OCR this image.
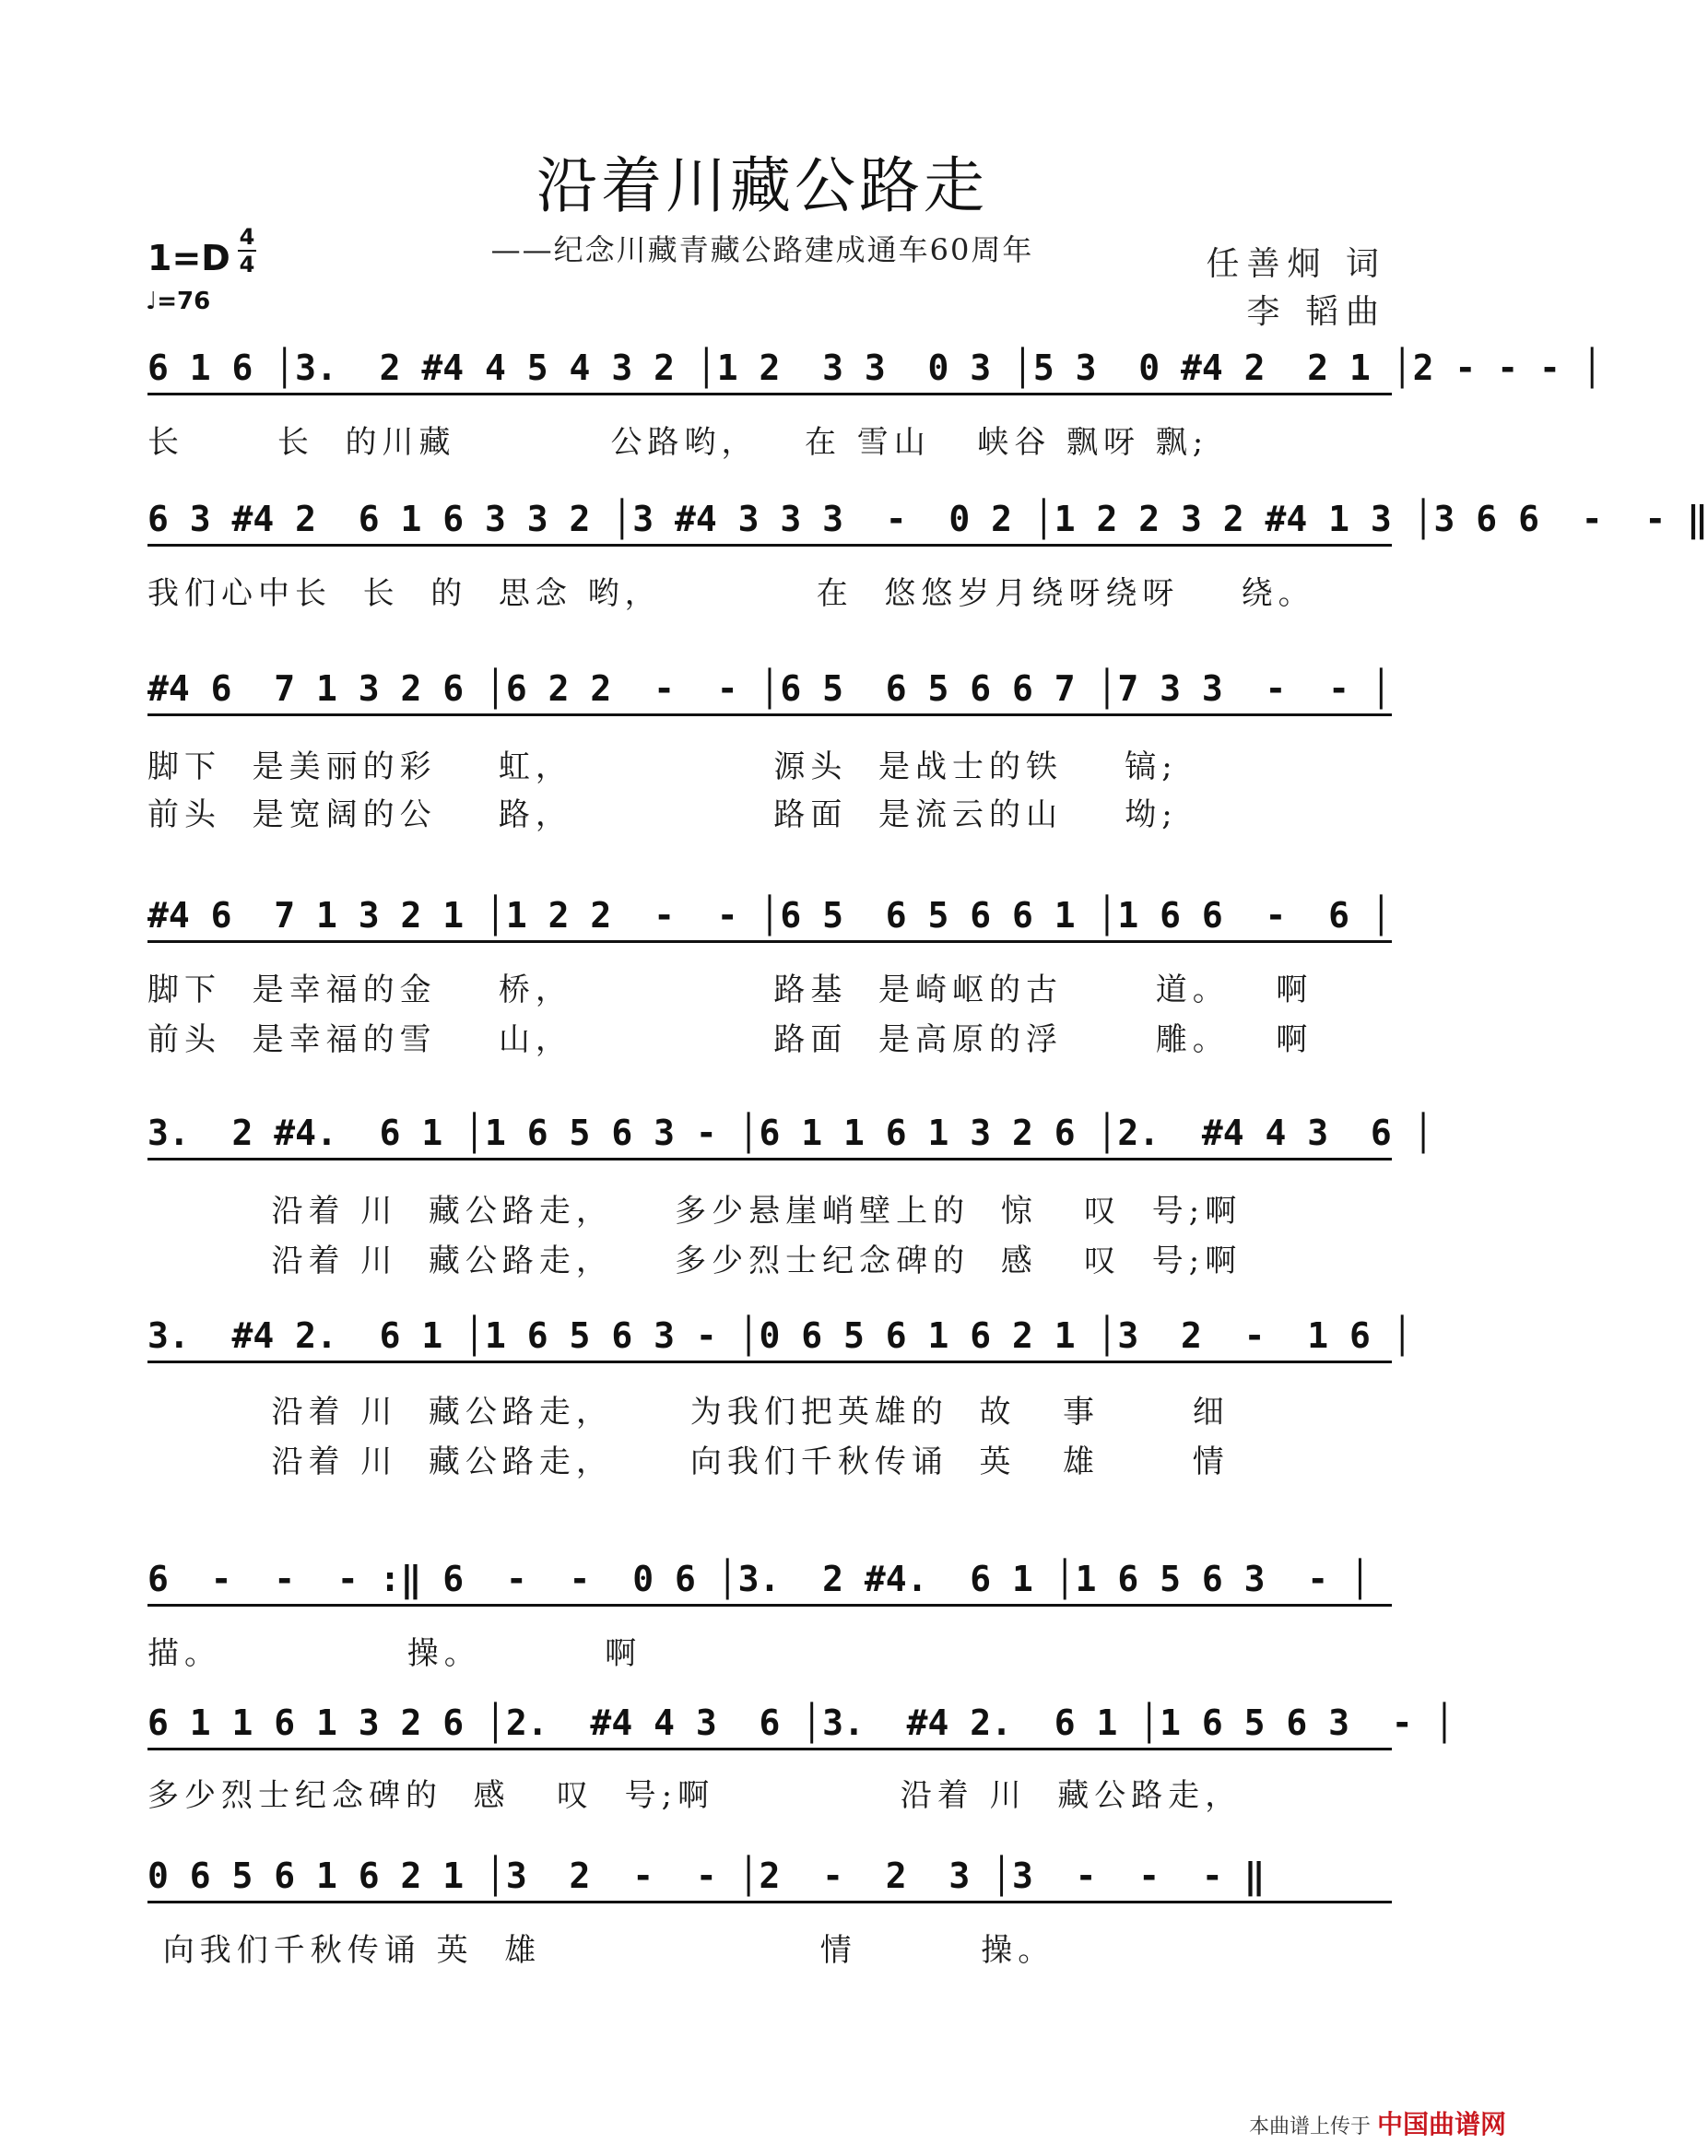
沿着川藏公路走
——纪念川藏青藏公路建成通车60周年	任善炯 词
李 韬曲
1=D
4
4
♩=76
6 1 6 │3.  2 #4 4 5 4 3 2 │1 2  3 3  0 3 │5 3  0 #4 2  2 1 │2 - - - │
长      长  的川藏          公路哟，   在 雪山   峡谷 飘呀 飘;
6 3 #4 2  6 1 6 3 3 2 │3 #4 3 3 3  -  0 2 │1 2 2 3 2 #4 1 3 │3 6 6  -  - ‖
我们心中长  长  的  思念 哟，          在  悠悠岁月绕呀绕呀    绕。
#4 6  7 1 3 2 6 │6 2 2  -  - │6 5  6 5 6 6 7 │7 3 3  -  - │
脚下  是美丽的彩    虹，             源头  是战士的铁    镐;
前头  是宽阔的公    路，             路面  是流云的山    坳;
#4 6  7 1 3 2 1 │1 2 2  -  - │6 5  6 5 6 6 1 │1 6 6  -  6 │
脚下  是幸福的金    桥，             路基  是崎岖的古      道。   啊
前头  是幸福的雪    山，             路面  是高原的浮      雕。   啊
3.  2 #4.  6 1 │1 6 5 6 3 - │6 1 1 6 1 3 2 6 │2.  #4 4 3  6 │
沿着 川  藏公路走，    多少悬崖峭壁上的  惊   叹  号;啊
沿着 川  藏公路走，    多少烈士纪念碑的  感   叹  号;啊
3.  #4 2.  6 1 │1 6 5 6 3 - │0 6 5 6 1 6 2 1 │3  2  -  1 6 │
沿着 川  藏公路走，     为我们把英雄的  故   事      细
沿着 川  藏公路走，     向我们千秋传诵  英   雄      情
6  -  -  - :‖ 6  -  -  0 6 │3.  2 #4.  6 1 │1 6 5 6 3  - │
描。            操。        啊
6 1 1 6 1 3 2 6 │2.  #4 4 3  6 │3.  #4 2.  6 1 │1 6 5 6 3  - │
多少烈士纪念碑的  感   叹  号;啊            沿着 川  藏公路走，
0 6 5 6 1 6 2 1 │3  2  -  - │2  -  2  3 │3  -  -  - ‖
向我们千秋传诵 英  雄                  情        操。
本曲谱上传于 中国曲谱网
